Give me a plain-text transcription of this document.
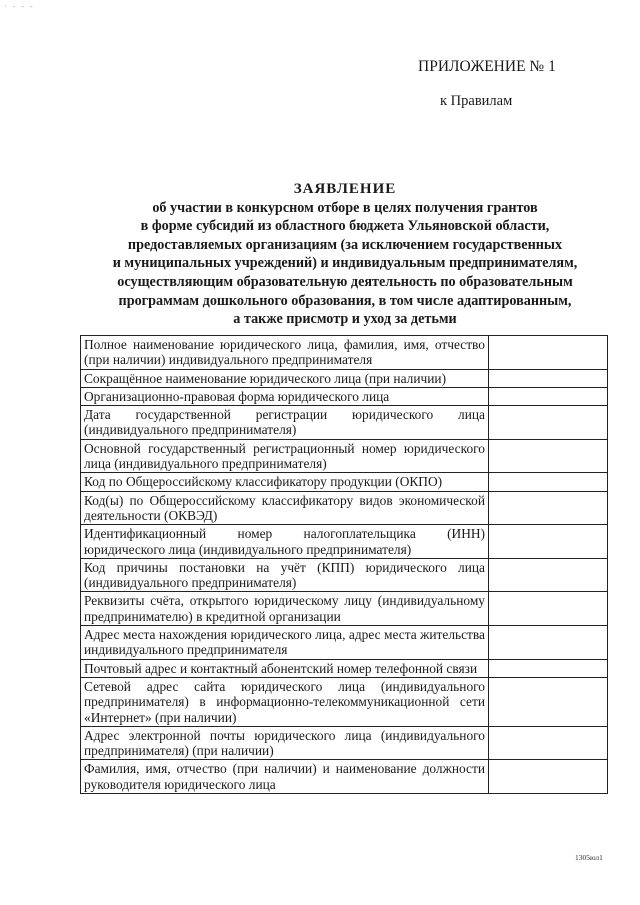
· - - -
ПРИЛОЖЕНИЕ № 1
к Правилам
ЗАЯВЛЕНИЕ
об участии в конкурсном отборе в целях получения грантов
в форме субсидий из областного бюджета Ульяновской области,
предоставляемых организациям (за исключением государственных
и муниципальных учреждений) и индивидуальным предпринимателям,
осуществляющим образовательную деятельность по образовательным
программам дошкольного образования, в том числе адаптированным,
а также присмотр и уход за детьми
Полное наименование юридического лица, фамилия, имя, отчество (при наличии) индивидуального предпринимателя	
Сокращённое наименование юридического лица (при наличии)	
Организационно-правовая форма юридического лица	
Дата государственной регистрации юридического лица (индивидуального предпринимателя)	
Основной государственный регистрационный номер юридического лица (индивидуального предпринимателя)	
Код по Общероссийскому классификатору продукции (ОКПО)	
Код(ы) по Общероссийскому классификатору видов экономической деятельности (ОКВЭД)	
Идентификационный номер налогоплательщика (ИНН) юридического лица (индивидуального предпринимателя)	
Код причины постановки на учёт (КПП) юридического лица (индивидуального предпринимателя)	
Реквизиты счёта, открытого юридическому лицу (индивидуальному предпринимателю) в кредитной организации	
Адрес места нахождения юридического лица, адрес места жительства индивидуального предпринимателя	
Почтовый адрес и контактный абонентский номер телефонной связи	
Сетевой адрес сайта юридического лица (индивидуального предпринимателя) в информационно-телекоммуникационной сети «Интернет» (при наличии)	
Адрес электронной почты юридического лица (индивидуального предпринимателя) (при наличии)	
Фамилия, имя, отчество (при наличии) и наименование должности руководителя юридического лица	
1305юл1
